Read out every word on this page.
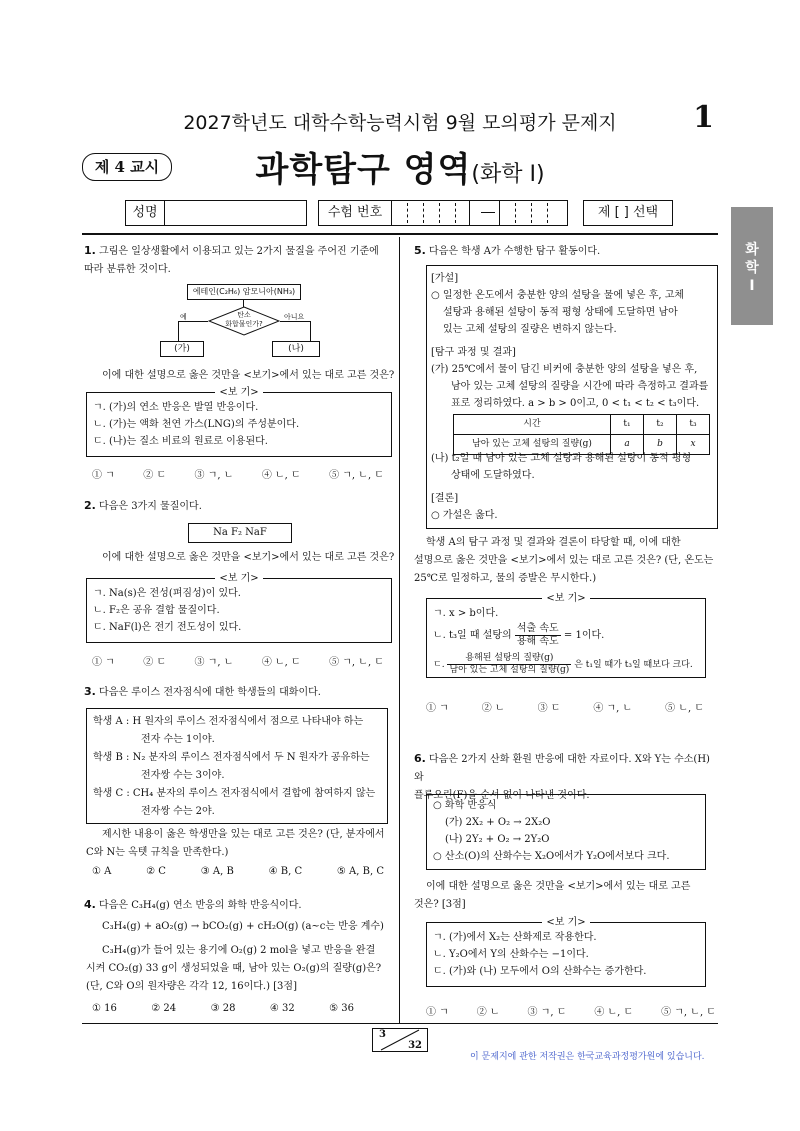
2027학년도 대학수학능력시험 9월 모의평가 문제지	1
제 4 교시	과학탐구 영역(화학 I)
성명	수험 번호	제 [ ] 선택
화
학
I
1. 그림은 일상생활에서 이용되고 있는 2가지 물질을 주어진 기준에 따라 분류한 것이다.
에테인(C₂H₆) 암모니아(NH₃)
탄소
화합물인가?
예	아니요
(가)	(나)
이에 대한 설명으로 옳은 것만을 <보기>에서 있는 대로 고른 것은?
<보 기>
ㄱ. (가)의 연소 반응은 발열 반응이다.
ㄴ. (가)는 액화 천연 가스(LNG)의 주성분이다.
ㄷ. (나)는 질소 비료의 원료로 이용된다.
① ㄱ	② ㄷ	③ ㄱ, ㄴ	④ ㄴ, ㄷ	⑤ ㄱ, ㄴ, ㄷ
2. 다음은 3가지 물질이다.
Na F₂ NaF
이에 대한 설명으로 옳은 것만을 <보기>에서 있는 대로 고른 것은?
<보 기>
ㄱ. Na(s)은 전성(펴짐성)이 있다.
ㄴ. F₂은 공유 결합 물질이다.
ㄷ. NaF(l)은 전기 전도성이 있다.
① ㄱ	② ㄷ	③ ㄱ, ㄴ	④ ㄴ, ㄷ	⑤ ㄱ, ㄴ, ㄷ
3. 다음은 루이스 전자점식에 대한 학생들의 대화이다.
학생 A : H 원자의 루이스 전자점식에서 점으로 나타내야 하는
전자 수는 1이야.
학생 B : N₂ 분자의 루이스 전자점식에서 두 N 원자가 공유하는
전자쌍 수는 3이야.
학생 C : CH₄ 분자의 루이스 전자점식에서 결합에 참여하지 않는
전자쌍 수는 2야.
제시한 내용이 옳은 학생만을 있는 대로 고른 것은? (단, 분자에서
C와 N는 옥텟 규칙을 만족한다.)
① A	② C	③ A, B	④ B, C	⑤ A, B, C
4. 다음은 C₃H₄(g) 연소 반응의 화학 반응식이다.
C₃H₄(g) + aO₂(g) → bCO₂(g) + cH₂O(g) (a~c는 반응 계수)
C₃H₄(g)가 들어 있는 용기에 O₂(g) 2 mol을 넣고 반응을 완결
시켜 CO₂(g) 33 g이 생성되었을 때, 남아 있는 O₂(g)의 질량(g)은?
(단, C와 O의 원자량은 각각 12, 16이다.) [3점]
① 16	② 24	③ 28	④ 32	⑤ 36
5. 다음은 학생 A가 수행한 탐구 활동이다.
[가설]
○ 일정한 온도에서 충분한 양의 설탕을 물에 넣은 후, 고체
설탕과 용해된 설탕이 동적 평형 상태에 도달하면 남아
있는 고체 설탕의 질량은 변하지 않는다.
[탐구 과정 및 결과]
(가) 25℃에서 물이 담긴 비커에 충분한 양의 설탕을 넣은 후,
남아 있는 고체 설탕의 질량을 시간에 따라 측정하고 결과를
표로 정리하였다. a > b > 0이고, 0 < t₁ < t₂ < t₃이다.
시간	t₁	t₂	t₃
남아 있는 고체 설탕의 질량(g)	a	b	x
(나) t₂일 때 남아 있는 고체 설탕과 용해된 설탕이 동적 평형
상태에 도달하였다.
[결론]
○ 가설은 옳다.
학생 A의 탐구 과정 및 결과와 결론이 타당할 때, 이에 대한
설명으로 옳은 것만을 <보기>에서 있는 대로 고른 것은? (단, 온도는
25℃로 일정하고, 물의 증발은 무시한다.)
<보 기>
ㄱ. x > b이다.
ㄴ. t₃일 때 설탕의 $\frac{\text{석출 속도}}{\text{용해 속도}} = 1$이다.
ㄷ. $\frac{\text{용해된 설탕의 질량(g)}}{\text{남아 있는 고체 설탕의 질량(g)}}$ 은 t₁일 때가 t₃일 때보다 크다.
① ㄱ	② ㄴ	③ ㄷ	④ ㄱ, ㄴ	⑤ ㄴ, ㄷ
6. 다음은 2가지 산화 환원 반응에 대한 자료이다. X와 Y는 수소(H)와
플루오린(F)을 순서 없이 나타낸 것이다.
○ 화학 반응식
(가) 2X₂ + O₂ → 2X₂O
(나) 2Y₂ + O₂ → 2Y₂O
○ 산소(O)의 산화수는 X₂O에서가 Y₂O에서보다 크다.
이에 대한 설명으로 옳은 것만을 <보기>에서 있는 대로 고른
것은? [3점]
<보 기>
ㄱ. (가)에서 X₂는 산화제로 작용한다.
ㄴ. Y₂O에서 Y의 산화수는 −1이다.
ㄷ. (가)와 (나) 모두에서 O의 산화수는 증가한다.
① ㄱ	② ㄴ	③ ㄱ, ㄷ	④ ㄴ, ㄷ	⑤ ㄱ, ㄴ, ㄷ
3
32
이 문제지에 관한 저작권은 한국교육과정평가원에 있습니다.
